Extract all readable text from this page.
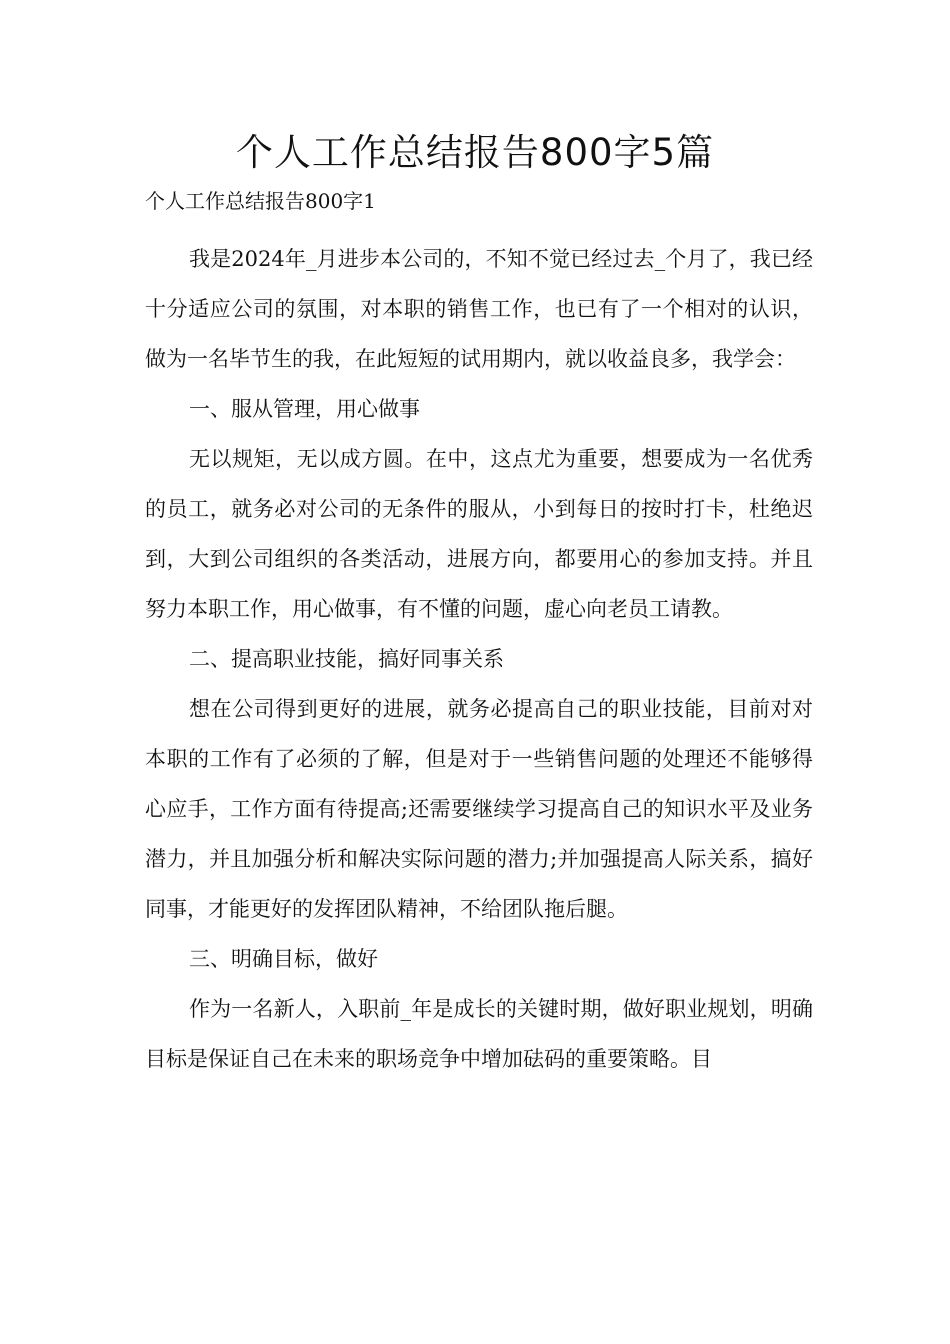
个人工作总结报告800字5篇

个人工作总结报告800字1

我是2024年_月进步本公司的，不知不觉已经过去_个月了，我已经十分适应公司的氛围，对本职的销售工作，也已有了一个相对的认识，做为一名毕节生的我，在此短短的试用期内，就以收益良多，我学会：

一、服从管理，用心做事

无以规矩，无以成方圆。在中，这点尤为重要，想要成为一名优秀的员工，就务必对公司的无条件的服从，小到每日的按时打卡，杜绝迟到，大到公司组织的各类活动，进展方向，都要用心的参加支持。并且努力本职工作，用心做事，有不懂的问题，虚心向老员工请教。

二、提高职业技能，搞好同事关系

想在公司得到更好的进展，就务必提高自己的职业技能，目前对对本职的工作有了必须的了解，但是对于一些销售问题的处理还不能够得心应手，工作方面有待提高;还需要继续学习提高自己的知识水平及业务潜力，并且加强分析和解决实际问题的潜力;并加强提高人际关系，搞好同事，才能更好的发挥团队精神，不给团队拖后腿。

三、明确目标，做好

作为一名新人，入职前_年是成长的关键时期，做好职业规划，明确目标是保证自己在未来的职场竞争中增加砝码的重要策略。目
